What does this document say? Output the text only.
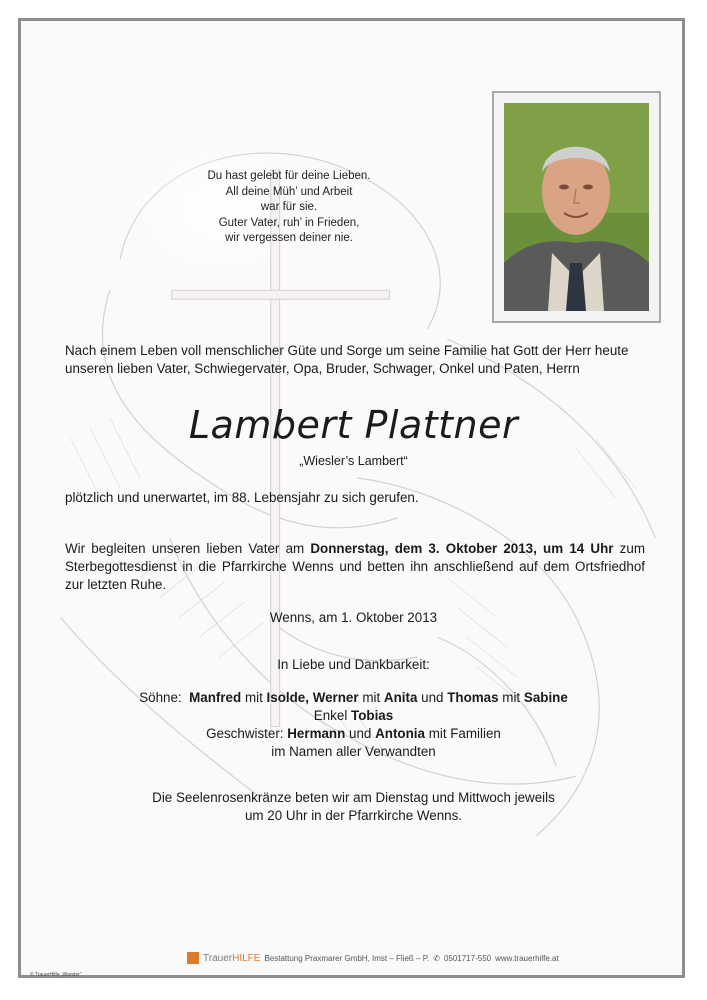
Du hast gelebt für deine Lieben.
All deine Müh’ und Arbeit
war für sie.
Guter Vater, ruh’ in Frieden,
wir vergessen deiner nie.
Nach einem Leben voll menschlicher Güte und Sorge um seine Familie hat Gott der Herr heute unseren lieben Vater, Schwiegervater, Opa, Bruder, Schwager, Onkel und Paten, Herrn
Lambert Plattner
„Wiesler’s Lambert“
plötzlich und unerwartet, im 88. Lebensjahr zu sich gerufen.
Wir begleiten unseren lieben Vater am Donnerstag, dem 3. Oktober 2013, um 14 Uhr zum Sterbegottesdienst in die Pfarrkirche Wenns und betten ihn anschließend auf dem Ortsfriedhof zur letzten Ruhe.
Wenns, am 1. Oktober 2013
In Liebe und Dankbarkeit:
Söhne: Manfred mit Isolde, Werner mit Anita und Thomas mit Sabine
Enkel Tobias
Geschwister: Hermann und Antonia mit Familien
im Namen aller Verwandten
Die Seelenrosenkränze beten wir am Dienstag und Mittwoch jeweils
um 20 Uhr in der Pfarrkirche Wenns.
© TrauerHilfe „Wander“
TrauerHILFE Bestattung Praxmarer GmbH, Imst – Fließ – P. ✆ 0501717-550 www.trauerhilfe.at
